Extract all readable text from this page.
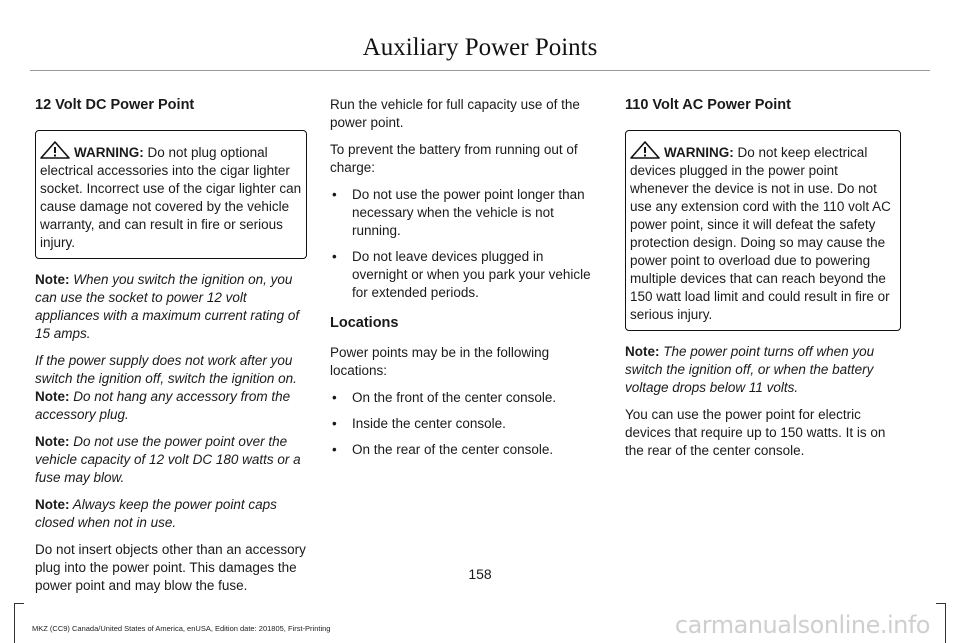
Auxiliary Power Points
12 Volt DC Power Point
WARNING: Do not plug optional electrical accessories into the cigar lighter socket. Incorrect use of the cigar lighter can cause damage not covered by the vehicle warranty, and can result in fire or serious injury.

Note: When you switch the ignition on, you can use the socket to power 12 volt appliances with a maximum current rating of 15 amps.

If the power supply does not work after you switch the ignition off, switch the ignition on.

Note: Do not hang any accessory from the accessory plug.

Note: Do not use the power point over the vehicle capacity of 12 volt DC 180 watts or a fuse may blow.

Note: Always keep the power point caps closed when not in use.

Do not insert objects other than an accessory plug into the power point. This damages the power point and may blow the fuse.

Run the vehicle for full capacity use of the power point.

To prevent the battery from running out of charge:

• Do not use the power point longer than necessary when the vehicle is not running.
• Do not leave devices plugged in overnight or when you park your vehicle for extended periods.
Locations

Power points may be in the following locations:

• On the front of the center console.
• Inside the center console.
• On the rear of the center console.
110 Volt AC Power Point
WARNING: Do not keep electrical devices plugged in the power point whenever the device is not in use. Do not use any extension cord with the 110 volt AC power point, since it will defeat the safety protection design. Doing so may cause the power point to overload due to powering multiple devices that can reach beyond the 150 watt load limit and could result in fire or serious injury.

Note: The power point turns off when you switch the ignition off, or when the battery voltage drops below 11 volts.

You can use the power point for electric devices that require up to 150 watts. It is on the rear of the center console.

158
MKZ (CC9) Canada/United States of America, enUSA, Edition date: 201805, First-Printing	carmanualsonline.info
